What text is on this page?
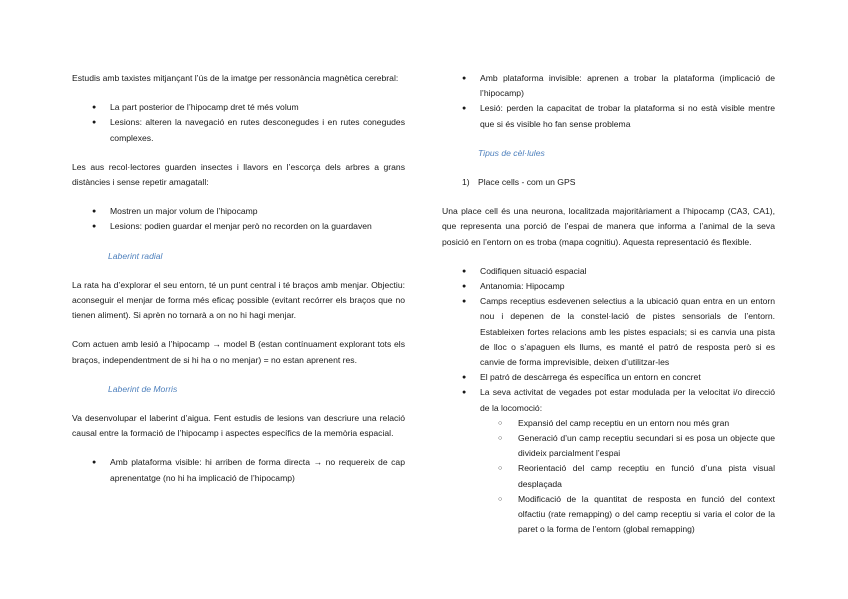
Estudis amb taxistes mitjançant l’ús de la imatge per ressonància magnètica cerebral:

● La part posterior de l’hipocamp dret té més volum
● Lesions: alteren la navegació en rutes desconegudes i en rutes conegudes complexes.

Les aus recol·lectores guarden insectes i llavors en l’escorça dels arbres a grans distàncies i sense repetir amagatall:

● Mostren un major volum de l’hipocamp
● Lesions: podien guardar el menjar però no recorden on la guardaven
Laberint radial

La rata ha d’explorar el seu entorn, té un punt central i té braços amb menjar. Objectiu: aconseguir el menjar de forma més eficaç possible (evitant recórrer els braços que no tienen aliment). Si aprèn no tornarà a on no hi hagi menjar.

Com actuen amb lesió a l’hipocamp → model B (estan contínuament explorant tots els braços, independentment de si hi ha o no menjar) = no estan aprenent res.

Laberint de Morris

Va desenvolupar el laberint d’aigua. Fent estudis de lesions van descriure una relació causal entre la formació de l’hipocamp i aspectes específics de la memòria espacial.

● Amb plataforma visible: hi arriben de forma directa → no requereix de cap aprenentatge (no hi ha implicació de l’hipocamp)
● Amb plataforma invisible: aprenen a trobar la plataforma (implicació de l’hipocamp)
● Lesió: perden la capacitat de trobar la plataforma si no està visible mentre que si és visible ho fan sense problema
Tipus de cèl·lules
1) Place cells - com un GPS

Una place cell és una neurona, localitzada majoritàriament a l’hipocamp (CA3, CA1), que representa una porció de l’espai de manera que informa a l’animal de la seva posició en l’entorn on es troba (mapa cognitiu). Aquesta representació és flexible.

● Codifiquen situació espacial
● Antanomia: Hipocamp
● Camps receptius esdevenen selectius a la ubicació quan entra en un entorn nou i depenen de la constel·lació de pistes sensorials de l’entorn. Estableixen fortes relacions amb les pistes espacials; si es canvia una pista de lloc o s’apaguen els llums, es manté el patró de resposta però si es canvie de forma imprevisible, deixen d’utilitzar-les
● El patró de descàrrega és específica un entorn en concret
● La seva activitat de vegades pot estar modulada per la velocitat i/o direcció de la locomoció:
○ Expansió del camp receptiu en un entorn nou més gran
○ Generació d’un camp receptiu secundari si es posa un objecte que divideix parcialment l’espai
○ Reorientació del camp receptiu en funció d’una pista visual desplaçada
○ Modificació de la quantitat de resposta en funció del context olfactiu (rate remapping) o del camp receptiu si varia el color de la paret o la forma de l’entorn (global remapping)
